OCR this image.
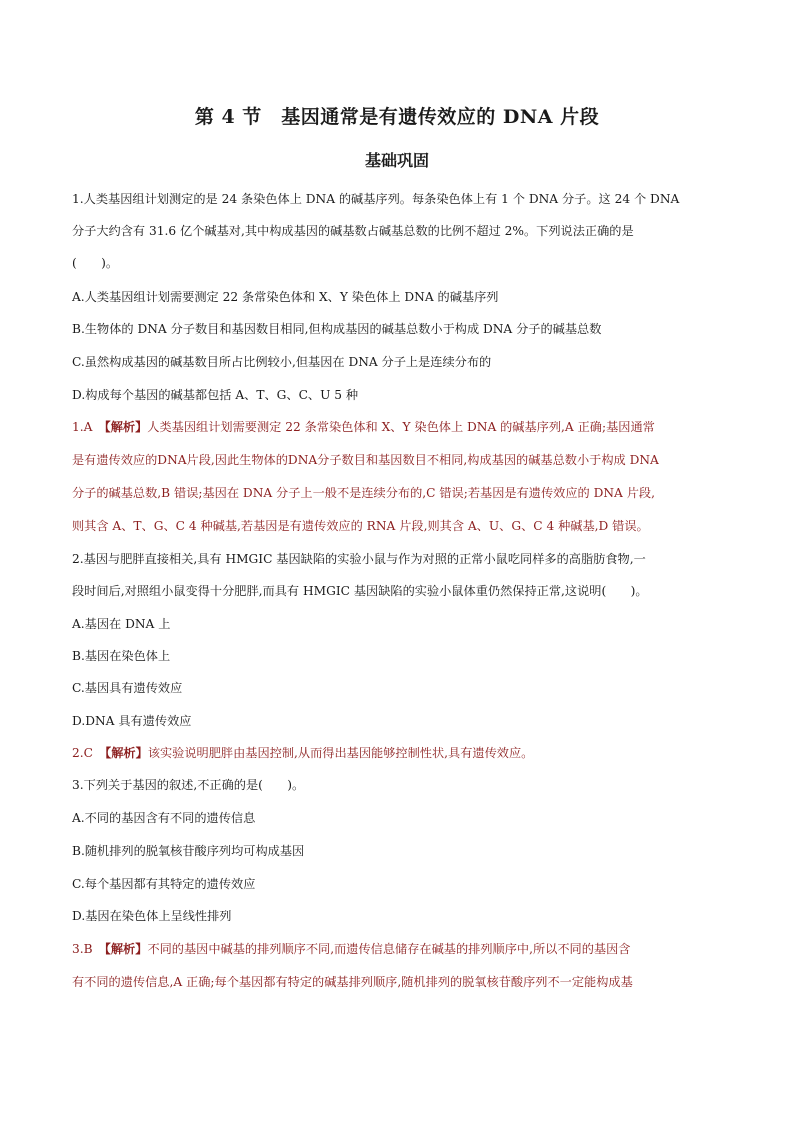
第 4 节　基因通常是有遗传效应的 DNA 片段
基础巩固
1.人类基因组计划测定的是 24 条染色体上 DNA 的碱基序列。每条染色体上有 1 个 DNA 分子。这 24 个 DNA
分子大约含有 31.6 亿个碱基对,其中构成基因的碱基数占碱基总数的比例不超过 2%。下列说法正确的是
(　　)。
A.人类基因组计划需要测定 22 条常染色体和 X、Y 染色体上 DNA 的碱基序列
B.生物体的 DNA 分子数目和基因数目相同,但构成基因的碱基总数小于构成 DNA 分子的碱基总数
C.虽然构成基因的碱基数目所占比例较小,但基因在 DNA 分子上是连续分布的
D.构成每个基因的碱基都包括 A、T、G、C、U 5 种
1.A　 【解析】人类基因组计划需要测定 22 条常染色体和 X、Y 染色体上 DNA 的碱基序列,A 正确;基因通常
是有遗传效应的DNA片段,因此生物体的DNA分子数目和基因数目不相同,构成基因的碱基总数小于构成 DNA
分子的碱基总数,B 错误;基因在 DNA 分子上一般不是连续分布的,C 错误;若基因是有遗传效应的 DNA 片段,
则其含 A、T、G、C 4 种碱基,若基因是有遗传效应的 RNA 片段,则其含 A、U、G、C 4 种碱基,D 错误。
2.基因与肥胖直接相关,具有 HMGIC 基因缺陷的实验小鼠与作为对照的正常小鼠吃同样多的高脂肪食物,一
段时间后,对照组小鼠变得十分肥胖,而具有 HMGIC 基因缺陷的实验小鼠体重仍然保持正常,这说明(　　)。
A.基因在 DNA 上
B.基因在染色体上
C.基因具有遗传效应
D.DNA 具有遗传效应
2.C　 【解析】该实验说明肥胖由基因控制,从而得出基因能够控制性状,具有遗传效应。
3.下列关于基因的叙述,不正确的是(　　)。
A.不同的基因含有不同的遗传信息
B.随机排列的脱氧核苷酸序列均可构成基因
C.每个基因都有其特定的遗传效应
D.基因在染色体上呈线性排列
3.B　 【解析】不同的基因中碱基的排列顺序不同,而遗传信息储存在碱基的排列顺序中,所以不同的基因含
有不同的遗传信息,A 正确;每个基因都有特定的碱基排列顺序,随机排列的脱氧核苷酸序列不一定能构成基
